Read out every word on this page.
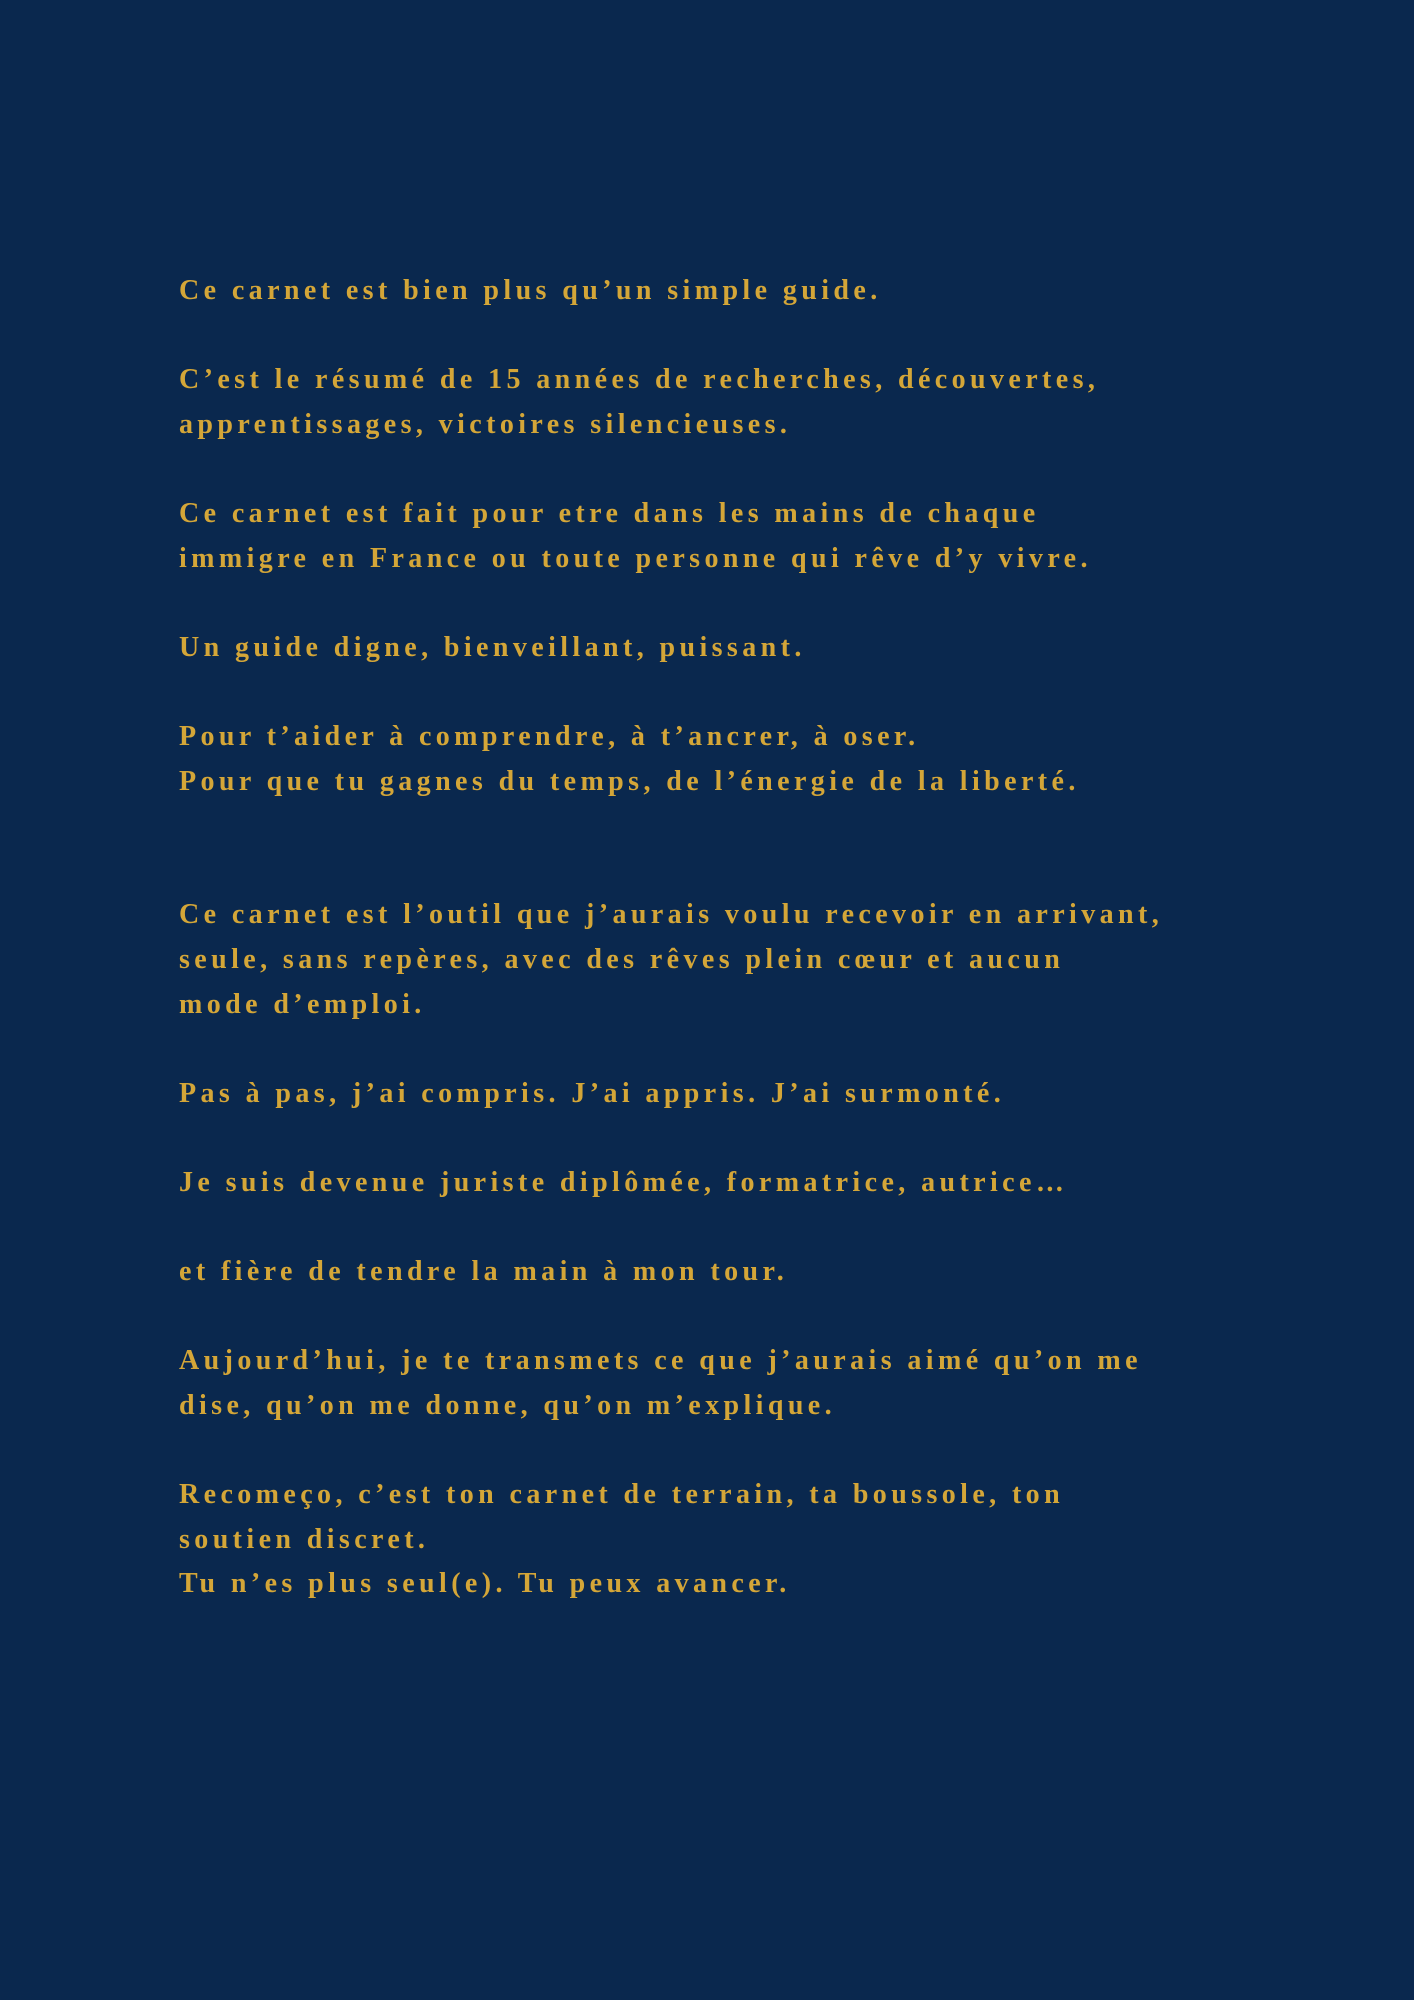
Ce carnet est bien plus qu’un simple guide.

C’est le résumé de 15 années de recherches, découvertes,
apprentissages, victoires silencieuses.

Ce carnet est fait pour etre dans les mains de chaque
immigre en France ou toute personne qui rêve d’y vivre.

Un guide digne, bienveillant, puissant.

Pour t’aider à comprendre, à t’ancrer, à oser.
Pour que tu gagnes du temps, de l’énergie de la liberté.

Ce carnet est l’outil que j’aurais voulu recevoir en arrivant,
seule, sans repères, avec des rêves plein cœur et aucun
mode d’emploi.

Pas à pas, j’ai compris. J’ai appris. J’ai surmonté.

Je suis devenue juriste diplômée, formatrice, autrice…

et fière de tendre la main à mon tour.

Aujourd’hui, je te transmets ce que j’aurais aimé qu’on me
dise, qu’on me donne, qu’on m’explique.

Recomeço, c’est ton carnet de terrain, ta boussole, ton
soutien discret.
Tu n’es plus seul(e). Tu peux avancer.
